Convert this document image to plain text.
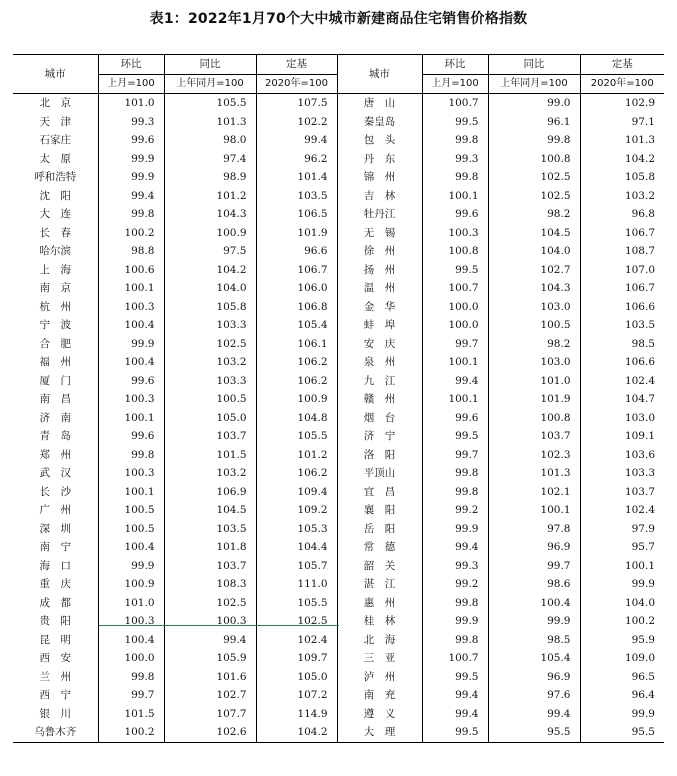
表1：2022年1月70个大中城市新建商品住宅销售价格指数
城市	环比	同比	定基	城市	环比	同比	定基
	上月=100	上年同月=100	2020年=100		上月=100	上年同月=100	2020年=100
北　京	101.0	105.5	107.5	唐　山	100.7	99.0	102.9
天　津	99.3	101.3	102.2	秦皇岛	99.5	96.1	97.1
石家庄	99.6	98.0	99.4	包　头	99.8	99.8	101.3
太　原	99.9	97.4	96.2	丹　东	99.3	100.8	104.2
呼和浩特	99.9	98.9	101.4	锦　州	99.8	102.5	105.8
沈　阳	99.4	101.2	103.5	吉　林	100.1	102.5	103.2
大　连	99.8	104.3	106.5	牡丹江	99.6	98.2	96.8
长　春	100.2	100.9	101.9	无　锡	100.3	104.5	106.7
哈尔滨	98.8	97.5	96.6	徐　州	100.8	104.0	108.7
上　海	100.6	104.2	106.7	扬　州	99.5	102.7	107.0
南　京	100.1	104.0	106.0	温　州	100.7	104.3	106.7
杭　州	100.3	105.8	106.8	金　华	100.0	103.0	106.6
宁　波	100.4	103.3	105.4	蚌　埠	100.0	100.5	103.5
合　肥	99.9	102.5	106.1	安　庆	99.7	98.2	98.5
福　州	100.4	103.2	106.2	泉　州	100.1	103.0	106.6
厦　门	99.6	103.3	106.2	九　江	99.4	101.0	102.4
南　昌	100.3	100.5	100.9	赣　州	100.1	101.9	104.7
济　南	100.1	105.0	104.8	烟　台	99.6	100.8	103.0
青　岛	99.6	103.7	105.5	济　宁	99.5	103.7	109.1
郑　州	99.8	101.5	101.2	洛　阳	99.7	102.3	103.6
武　汉	100.3	103.2	106.2	平顶山	99.8	101.3	103.3
长　沙	100.1	106.9	109.4	宜　昌	99.8	102.1	103.7
广　州	100.5	104.5	109.2	襄　阳	99.2	100.1	102.4
深　圳	100.5	103.5	105.3	岳　阳	99.9	97.8	97.9
南　宁	100.4	101.8	104.4	常　德	99.4	96.9	95.7
海　口	99.9	103.7	105.7	韶　关	99.3	99.7	100.1
重　庆	100.9	108.3	111.0	湛　江	99.2	98.6	99.9
成　都	101.0	102.5	105.5	惠　州	99.8	100.4	104.0
贵　阳	100.3	100.3	102.5	桂　林	99.9	99.9	100.2
昆　明	100.4	99.4	102.4	北　海	99.8	98.5	95.9
西　安	100.0	105.9	109.7	三　亚	100.7	105.4	109.0
兰　州	99.8	101.6	105.0	泸　州	99.5	96.9	96.5
西　宁	99.7	102.7	107.2	南　充	99.4	97.6	96.4
银　川	101.5	107.7	114.9	遵　义	99.4	99.4	99.9
乌鲁木齐	100.2	102.6	104.2	大　理	99.5	95.5	95.5
